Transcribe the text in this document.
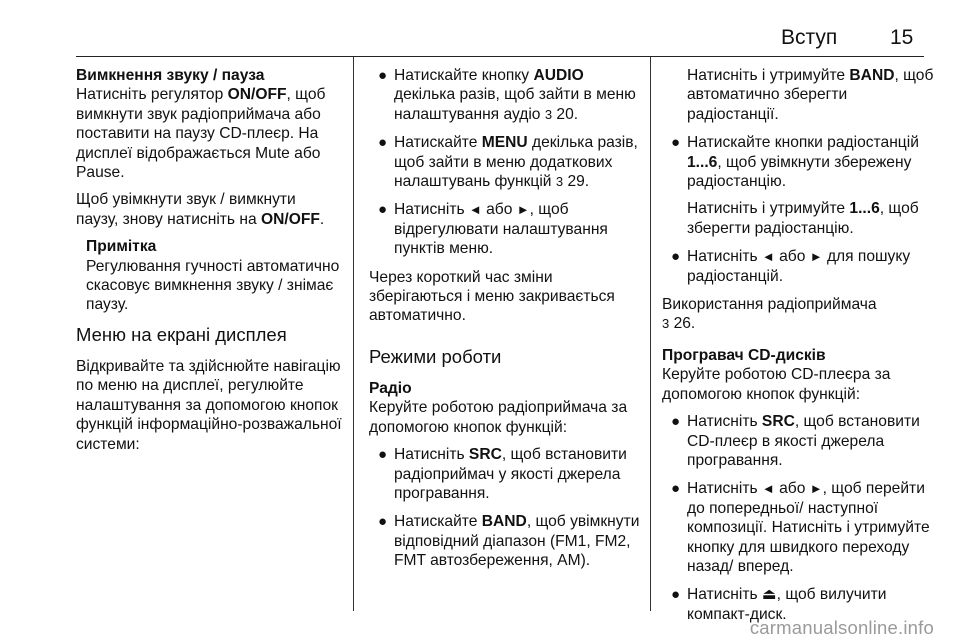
Вступ	15

Вимкнення звуку / пауза

Натисніть регулятор ON/OFF, щоб вимкнути звук радіоприймача або поставити на паузу CD-плеєр. На дисплеї відображається Mute або Pause.

Щоб увімкнути звук / вимкнути паузу, знову натисніть на ON/OFF.

Примітка
Регулювання гучності автоматично скасовує вимкнення звуку / знімає паузу.
Меню на екрані дисплея

Відкривайте та здійснюйте навігацію по меню на дисплеї, регулюйте налаштування за допомогою кнопок функцій інформаційно-розважальної системи:

● Натискайте кнопку AUDIO декілька разів, щоб зайти в меню налаштування аудіо 3 20.
● Натискайте MENU декілька разів, щоб зайти в меню додаткових налаштувань функцій 3 29.
● Натисніть ◄ або ►, щоб відрегулювати налаштування пунктів меню.

Через короткий час зміни зберігаються і меню закривається автоматично.

Режими роботи

Радіо

Керуйте роботою радіоприймача за допомогою кнопок функцій:

● Натисніть SRC, щоб встановити радіоприймач у якості джерела програвання.
● Натискайте BAND, щоб увімкнути відповідний діапазон (FM1, FM2, FMT автозбереження, AM).
Натисніть і утримуйте BAND, щоб автоматично зберегти радіостанції.
● Натискайте кнопки радіостанцій 1...6, щоб увімкнути збережену радіостанцію.
Натисніть і утримуйте 1...6, щоб зберегти радіостанцію.
● Натисніть ◄ або ► для пошуку радіостанцій.

Використання радіоприймача
3 26.

Програвач CD-дисків

Керуйте роботою CD-плеєра за допомогою кнопок функцій:

● Натисніть SRC, щоб встановити CD-плеєр в якості джерела програвання.
● Натисніть ◄ або ►, щоб перейти до попередньої/ наступної композиції. Натисніть і утримуйте кнопку для швидкого переходу назад/ вперед.
● Натисніть ⏏, щоб вилучити компакт-диск.
carmanualsonline.info
